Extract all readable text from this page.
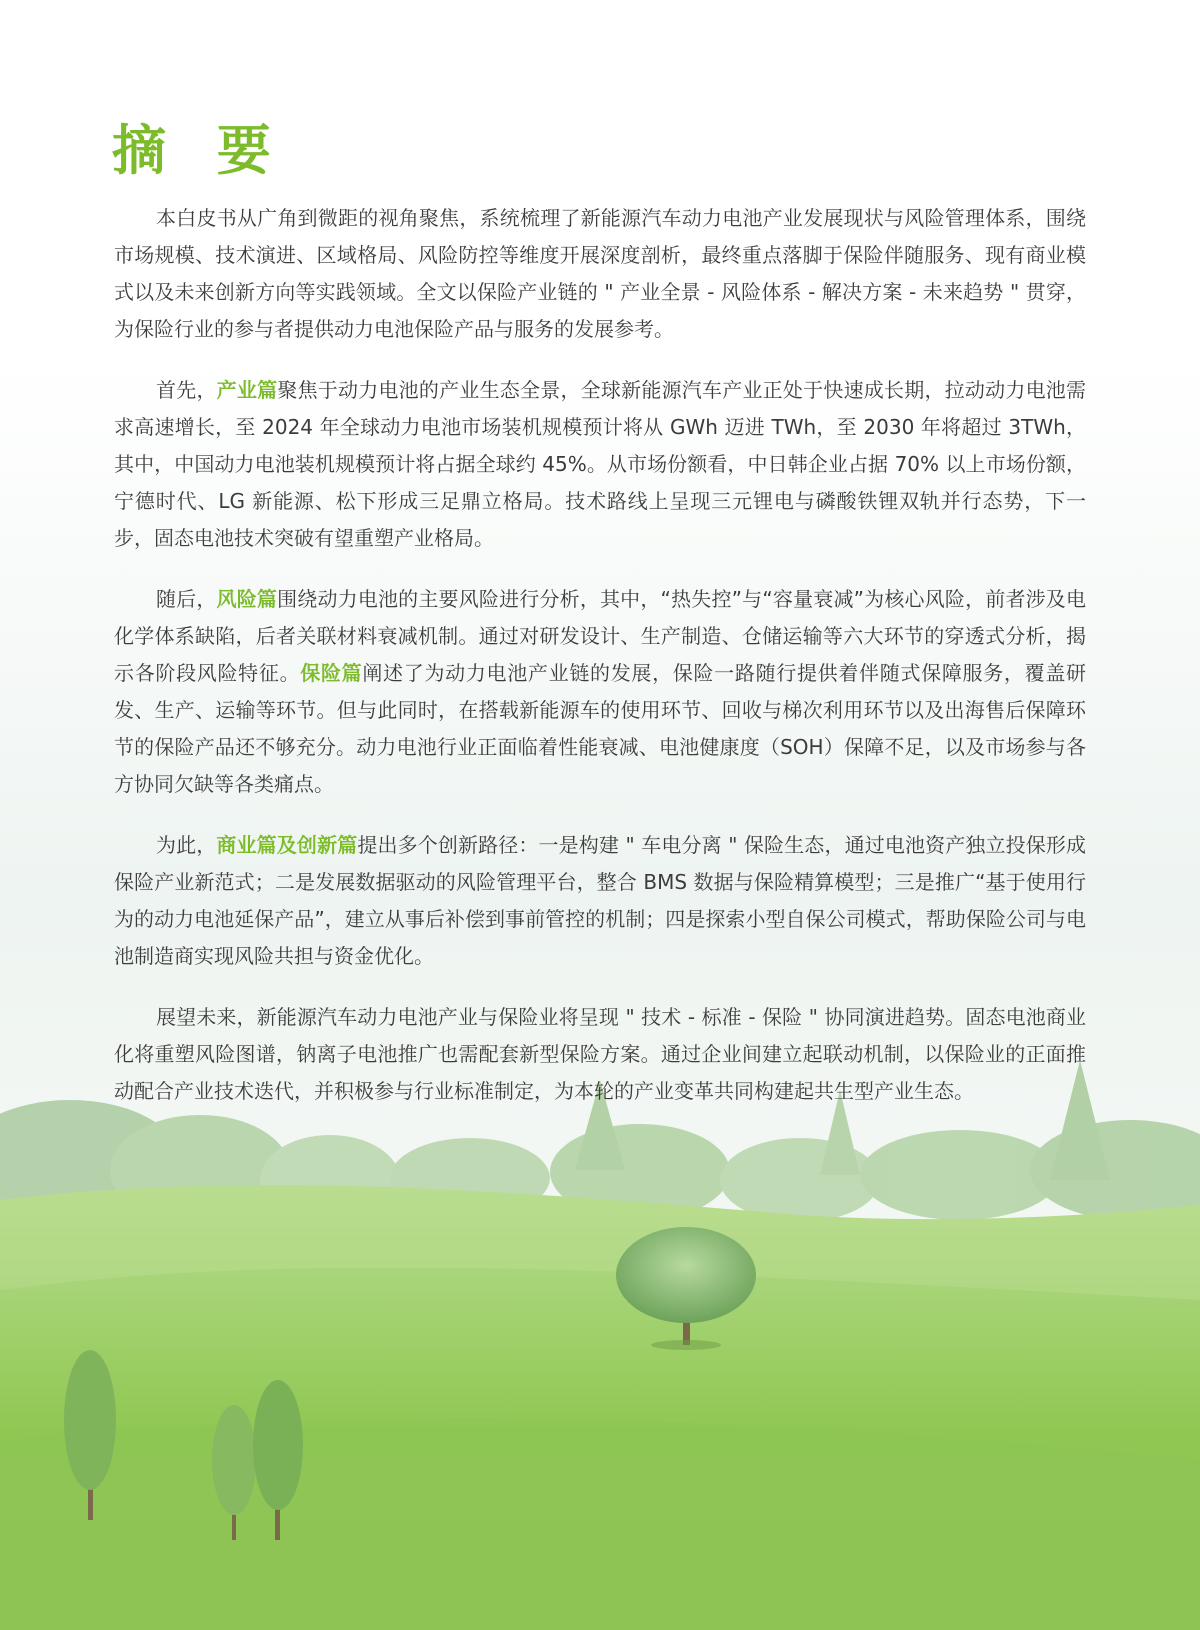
摘 要

本白皮书从广角到微距的视角聚焦，系统梳理了新能源汽车动力电池产业发展现状与风险管理体系，围绕市场规模、技术演进、区域格局、风险防控等维度开展深度剖析，最终重点落脚于保险伴随服务、现有商业模式以及未来创新方向等实践领域。全文以保险产业链的 " 产业全景 - 风险体系 - 解决方案 - 未来趋势 " 贯穿，为保险行业的参与者提供动力电池保险产品与服务的发展参考。

首先，产业篇聚焦于动力电池的产业生态全景，全球新能源汽车产业正处于快速成长期，拉动动力电池需求高速增长，至 2024 年全球动力电池市场装机规模预计将从 GWh 迈进 TWh，至 2030 年将超过 3TWh，其中，中国动力电池装机规模预计将占据全球约 45%。从市场份额看，中日韩企业占据 70% 以上市场份额，宁德时代、LG 新能源、松下形成三足鼎立格局。技术路线上呈现三元锂电与磷酸铁锂双轨并行态势，下一步，固态电池技术突破有望重塑产业格局。

随后，风险篇围绕动力电池的主要风险进行分析，其中，“热失控”与“容量衰减”为核心风险，前者涉及电化学体系缺陷，后者关联材料衰减机制。通过对研发设计、生产制造、仓储运输等六大环节的穿透式分析，揭示各阶段风险特征。保险篇阐述了为动力电池产业链的发展，保险一路随行提供着伴随式保障服务，覆盖研发、生产、运输等环节。但与此同时，在搭载新能源车的使用环节、回收与梯次利用环节以及出海售后保障环节的保险产品还不够充分。动力电池行业正面临着性能衰减、电池健康度（SOH）保障不足，以及市场参与各方协同欠缺等各类痛点。

为此，商业篇及创新篇提出多个创新路径：一是构建 " 车电分离 " 保险生态，通过电池资产独立投保形成保险产业新范式；二是发展数据驱动的风险管理平台，整合 BMS 数据与保险精算模型；三是推广“基于使用行为的动力电池延保产品”，建立从事后补偿到事前管控的机制；四是探索小型自保公司模式，帮助保险公司与电池制造商实现风险共担与资金优化。

展望未来，新能源汽车动力电池产业与保险业将呈现 " 技术 - 标准 - 保险 " 协同演进趋势。固态电池商业化将重塑风险图谱，钠离子电池推广也需配套新型保险方案。通过企业间建立起联动机制，以保险业的正面推动配合产业技术迭代，并积极参与行业标准制定，为本轮的产业变革共同构建起共生型产业生态。
